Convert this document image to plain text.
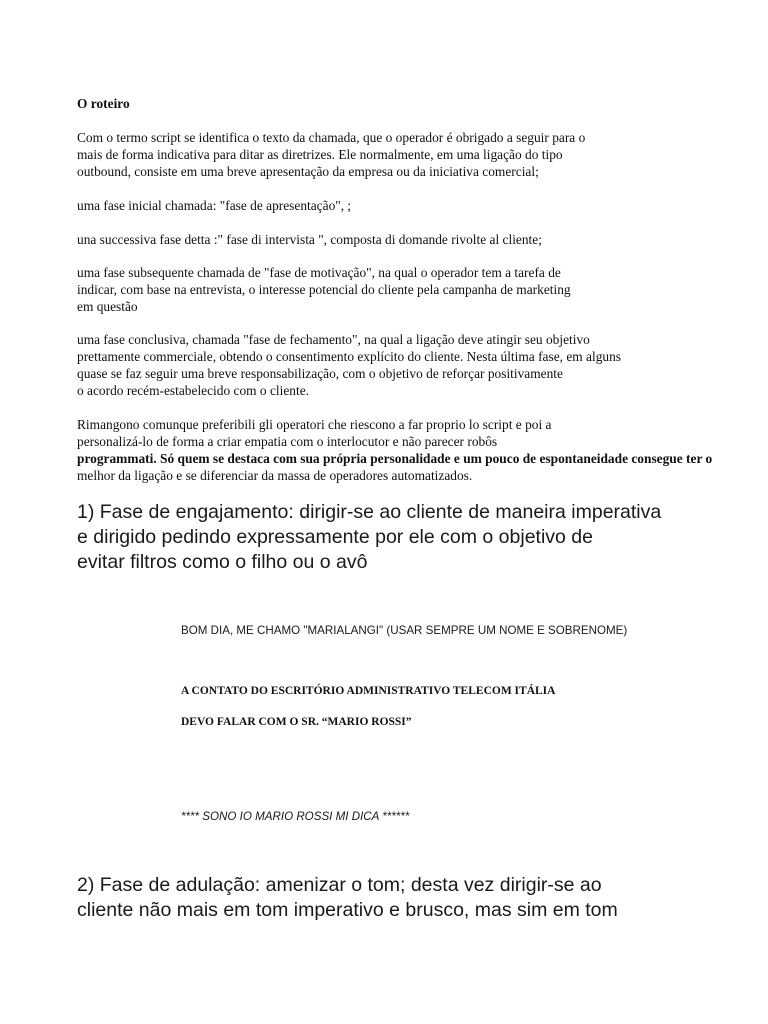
O roteiro

Com o termo script se identifica o texto da chamada, que o operador é obrigado a seguir para o
mais de forma indicativa para ditar as diretrizes. Ele normalmente, em uma ligação do tipo
outbound, consiste em uma breve apresentação da empresa ou da iniciativa comercial;

uma fase inicial chamada: "fase de apresentação", ;

una successiva fase detta :" fase di intervista ", composta di domande rivolte al cliente;

uma fase subsequente chamada de "fase de motivação", na qual o operador tem a tarefa de
indicar, com base na entrevista, o interesse potencial do cliente pela campanha de marketing
em questão

uma fase conclusiva, chamada "fase de fechamento", na qual a ligação deve atingir seu objetivo
prettamente commerciale, obtendo o consentimento explícito do cliente. Nesta última fase, em alguns
quase se faz seguir uma breve responsabilização, com o objetivo de reforçar positivamente
o acordo recém-estabelecido com o cliente.

Rimangono comunque preferibili gli operatori che riescono a far proprio lo script e poi a
personalizá-lo de forma a criar empatia com o interlocutor e não parecer robôs
programmati. Só quem se destaca com sua própria personalidade e um pouco de espontaneidade consegue ter o
melhor da ligação e se diferenciar da massa de operadores automatizados.

1) Fase de engajamento: dirigir-se ao cliente de maneira imperativa
e dirigido pedindo expressamente por ele com o objetivo de
evitar filtros como o filho ou o avô

BOM DIA, ME CHAMO "MARIALANGI" (USAR SEMPRE UM NOME E SOBRENOME)

A CONTATO DO ESCRITÓRIO ADMINISTRATIVO TELECOM ITÁLIA

DEVO FALAR COM O SR. “MARIO ROSSI”

**** SONO IO MARIO ROSSI MI DICA ******

2) Fase de adulação: amenizar o tom; desta vez dirigir-se ao
cliente não mais em tom imperativo e brusco, mas sim em tom
